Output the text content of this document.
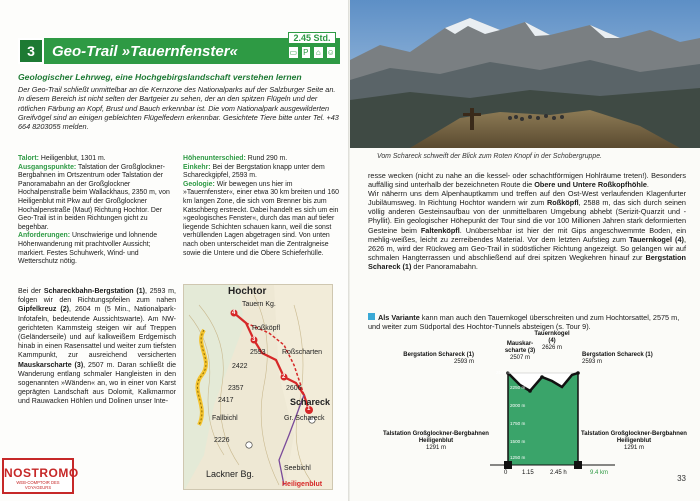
3	Geo-Trail »Tauernfenster«
2.45 Std.
▭ P ⌂ ☺
Geologischer Lehrweg, eine Hochgebirgslandschaft verstehen lernen
Der Geo-Trail schließt unmittelbar an die Kernzone des Nationalparks auf der Salzburger Seite an. In diesem Bereich ist nicht selten der Bartgeier zu sehen, der an den spitzen Flügeln und der rötlichen Färbung an Kopf, Brust und Bauch erkennbar ist. Die vom Nationalpark ausgewilderten Greifvögel sind an einigen gebleichten Flügelfedern erkennbar. Gesichtete Tiere bitte unter Tel. +43 664 8203055 melden.

Talort: Heiligenblut, 1301 m.

Ausgangspunkte: Talstation der Großglockner-Bergbahnen im Ortszentrum oder Talstation der Panoramabahn an der Großglockner Hochalpenstraße beim Wallackhaus, 2350 m, von Heiligenblut mit Pkw auf der Großglockner Hochalpenstraße (Maut) Richtung Hochtor. Der Geo-Trail ist in beiden Richtungen gicht zu begehbar.

Anforderungen: Unschwierige und lohnende Höhenwanderung mit prachtvoller Aussicht; markiert. Festes Schuhwerk, Wind- und Wetterschutz nötig.

Höhenunterschied: Rund 290 m.

Einkehr: Bei der Bergstation knapp unter dem Schareckgipfel, 2593 m.

Geologie: Wir bewegen uns hier im »Tauernfenster«, einer etwa 30 km breiten und 160 km langen Zone, die sich vom Brenner bis zum Katschberg erstreckt. Dabei handelt es sich um ein »geologisches Fenster«, durch das man auf tiefer liegende Schichten schauen kann, weil die sonst verhüllenden Lagen abgetragen sind. Von unten nach oben unterscheidet man die Zentralgneise sowie die Untere und die Obere Schieferhülle.

Bei der Schareckbahn-Bergstation (1), 2593 m, folgen wir den Richtungspfeilen zum nahen Gipfelkreuz (2), 2604 m (5 Min., Nationalpark-Infotafeln, bedeutende Aussichtswarte). Am NW-gerichteten Kammsteig steigen wir auf Treppen (Geländerseile) und auf kalkweißem Erdgemisch hinab in einen Rasensattel und weiter zum tiefsten Kammpunkt, zur ausreichend versicherten Mauskarscharte (3), 2507 m. Daran schließt die Wanderung entlang schmaler Hangleisten in den sogenannten »Wänden« an, wo in einer von Karst geprägten Landschaft aus Dolomit, Kalkmarmor und Rauwacken Höhlen und Dolinen unser Inte-
Hochtor
Tauern Kg.
Roßköpfl
Roßscharten
Schareck
Gr. Schareck
Fallbichl
Lackner Bg.
Seebichl
Heiligenblut
2422
2357
2226
2593
2606
2417
1
2
3
4
NOSTROMO
WEB-COMPTOIR DES VOYAGEURS
Vom Schareck schweift der Blick zum Roten Knopf in der Schobergruppe.
resse wecken (nicht zu nahe an die kessel- oder schachtförmigen Hohlräume treten!). Besonders auffällig sind unterhalb der bezeichneten Route die Obere und Untere Roßkopfhöhle.
Wir näherrn uns dem Alpenhauptkamm und treffen auf den Ost-West verlaufenden Klagenfurter Jubiläumsweg. In Richtung Hochtor wandern wir zum Roßköpfl, 2588 m, das sich durch seinen völlig anderen Gesteinsaufbau von der unmittelbaren Umgebung abhebt (Serizit-Quarzit und -Phyllit). Ein geologischer Höhepunkt der Tour sind die vor 100 Millionen Jahren stark deformierten Gesteine beim Faltenköpfl. Unübersehbar ist hier der mit Gips angeschwemmte Boden, ein mehlig-weißes, leicht zu zerreibendes Material. Vor dem letzten Aufstieg zum Tauernkogel (4), 2626 m, wird der Rückweg am Geo-Trail in südöstlicher Richtung angezeigt. So gelangen wir auf schmalen Hangterrassen und abschließend auf drei spitzen Wegkehren hinauf zur Bergstation Schareck (1) der Panoramabahn.
Als Variante kann man auch den Tauernkogel überschreiten und zum Hochtorsattel, 2575 m, und weiter zum Südportal des Hochtor-Tunnels absteigen (s. Tour 9).
2606 m
2250 m
2000 m
1750 m
1500 m
1250 m
Bergstation Schareck (1)
2593 m
Mauskar-scharte (3)
2507 m
Tauernkogel (4)
2626 m
Bergstation Schareck (1)
2593 m
Talstation Großglockner-Bergbahnen Heiligenblut
1291 m
Talstation Großglockner-Bergbahnen Heiligenblut
1291 m
0 1.15	2.45 h	9.4 km
33
